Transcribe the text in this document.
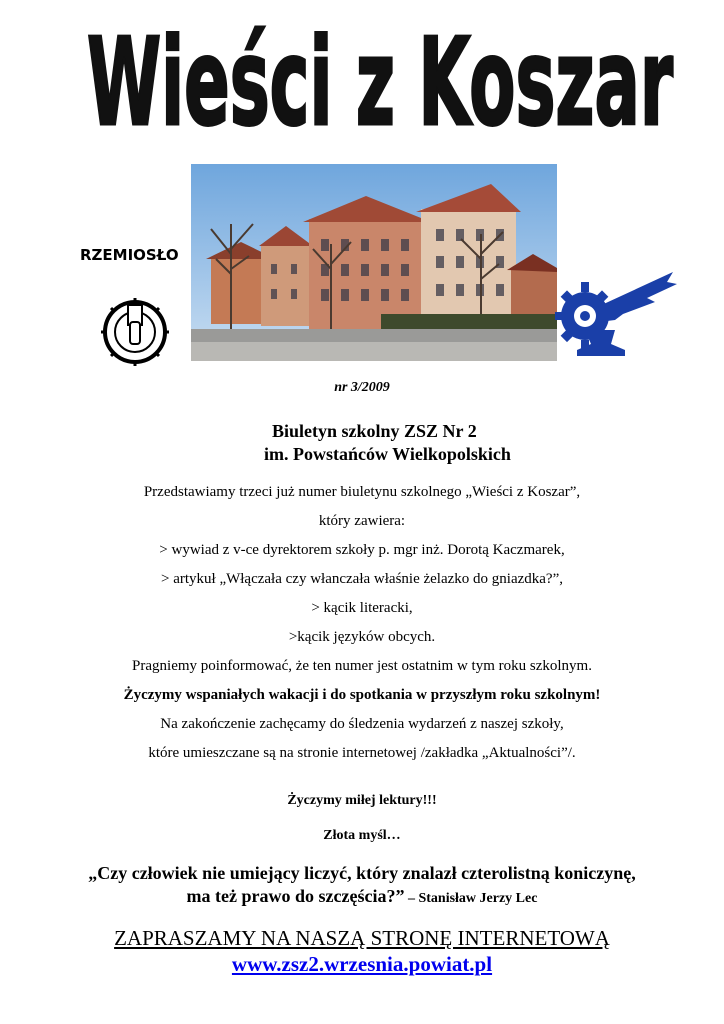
Wieści z Koszar
RZEMIOSŁO
nr 3/2009
Biuletyn szkolny ZSZ Nr 2
im. Powstańców Wielkopolskich
Przedstawiamy trzeci już numer biuletynu szkolnego „Wieści z Koszar”,
który zawiera:
> wywiad z v-ce dyrektorem szkoły p. mgr inż. Dorotą Kaczmarek,
> artykuł „Włączała czy włanczała właśnie żelazko do gniazdka?”,
> kącik literacki,
>kącik języków obcych.
Pragniemy poinformować, że ten numer jest ostatnim w tym roku szkolnym.
Życzymy wspaniałych wakacji i do spotkania w przyszłym roku szkolnym!
Na zakończenie zachęcamy do śledzenia wydarzeń z naszej szkoły,
które umieszczane są na stronie internetowej /zakładka „Aktualności”/.
Życzymy miłej lektury!!!
Złota myśl…
„Czy człowiek nie umiejący liczyć, który znalazł czterolistną koniczynę,
ma też prawo do szczęścia?” – Stanisław Jerzy Lec
ZAPRASZAMY NA NASZĄ STRONĘ INTERNETOWĄ
www.zsz2.wrzesnia.powiat.pl
